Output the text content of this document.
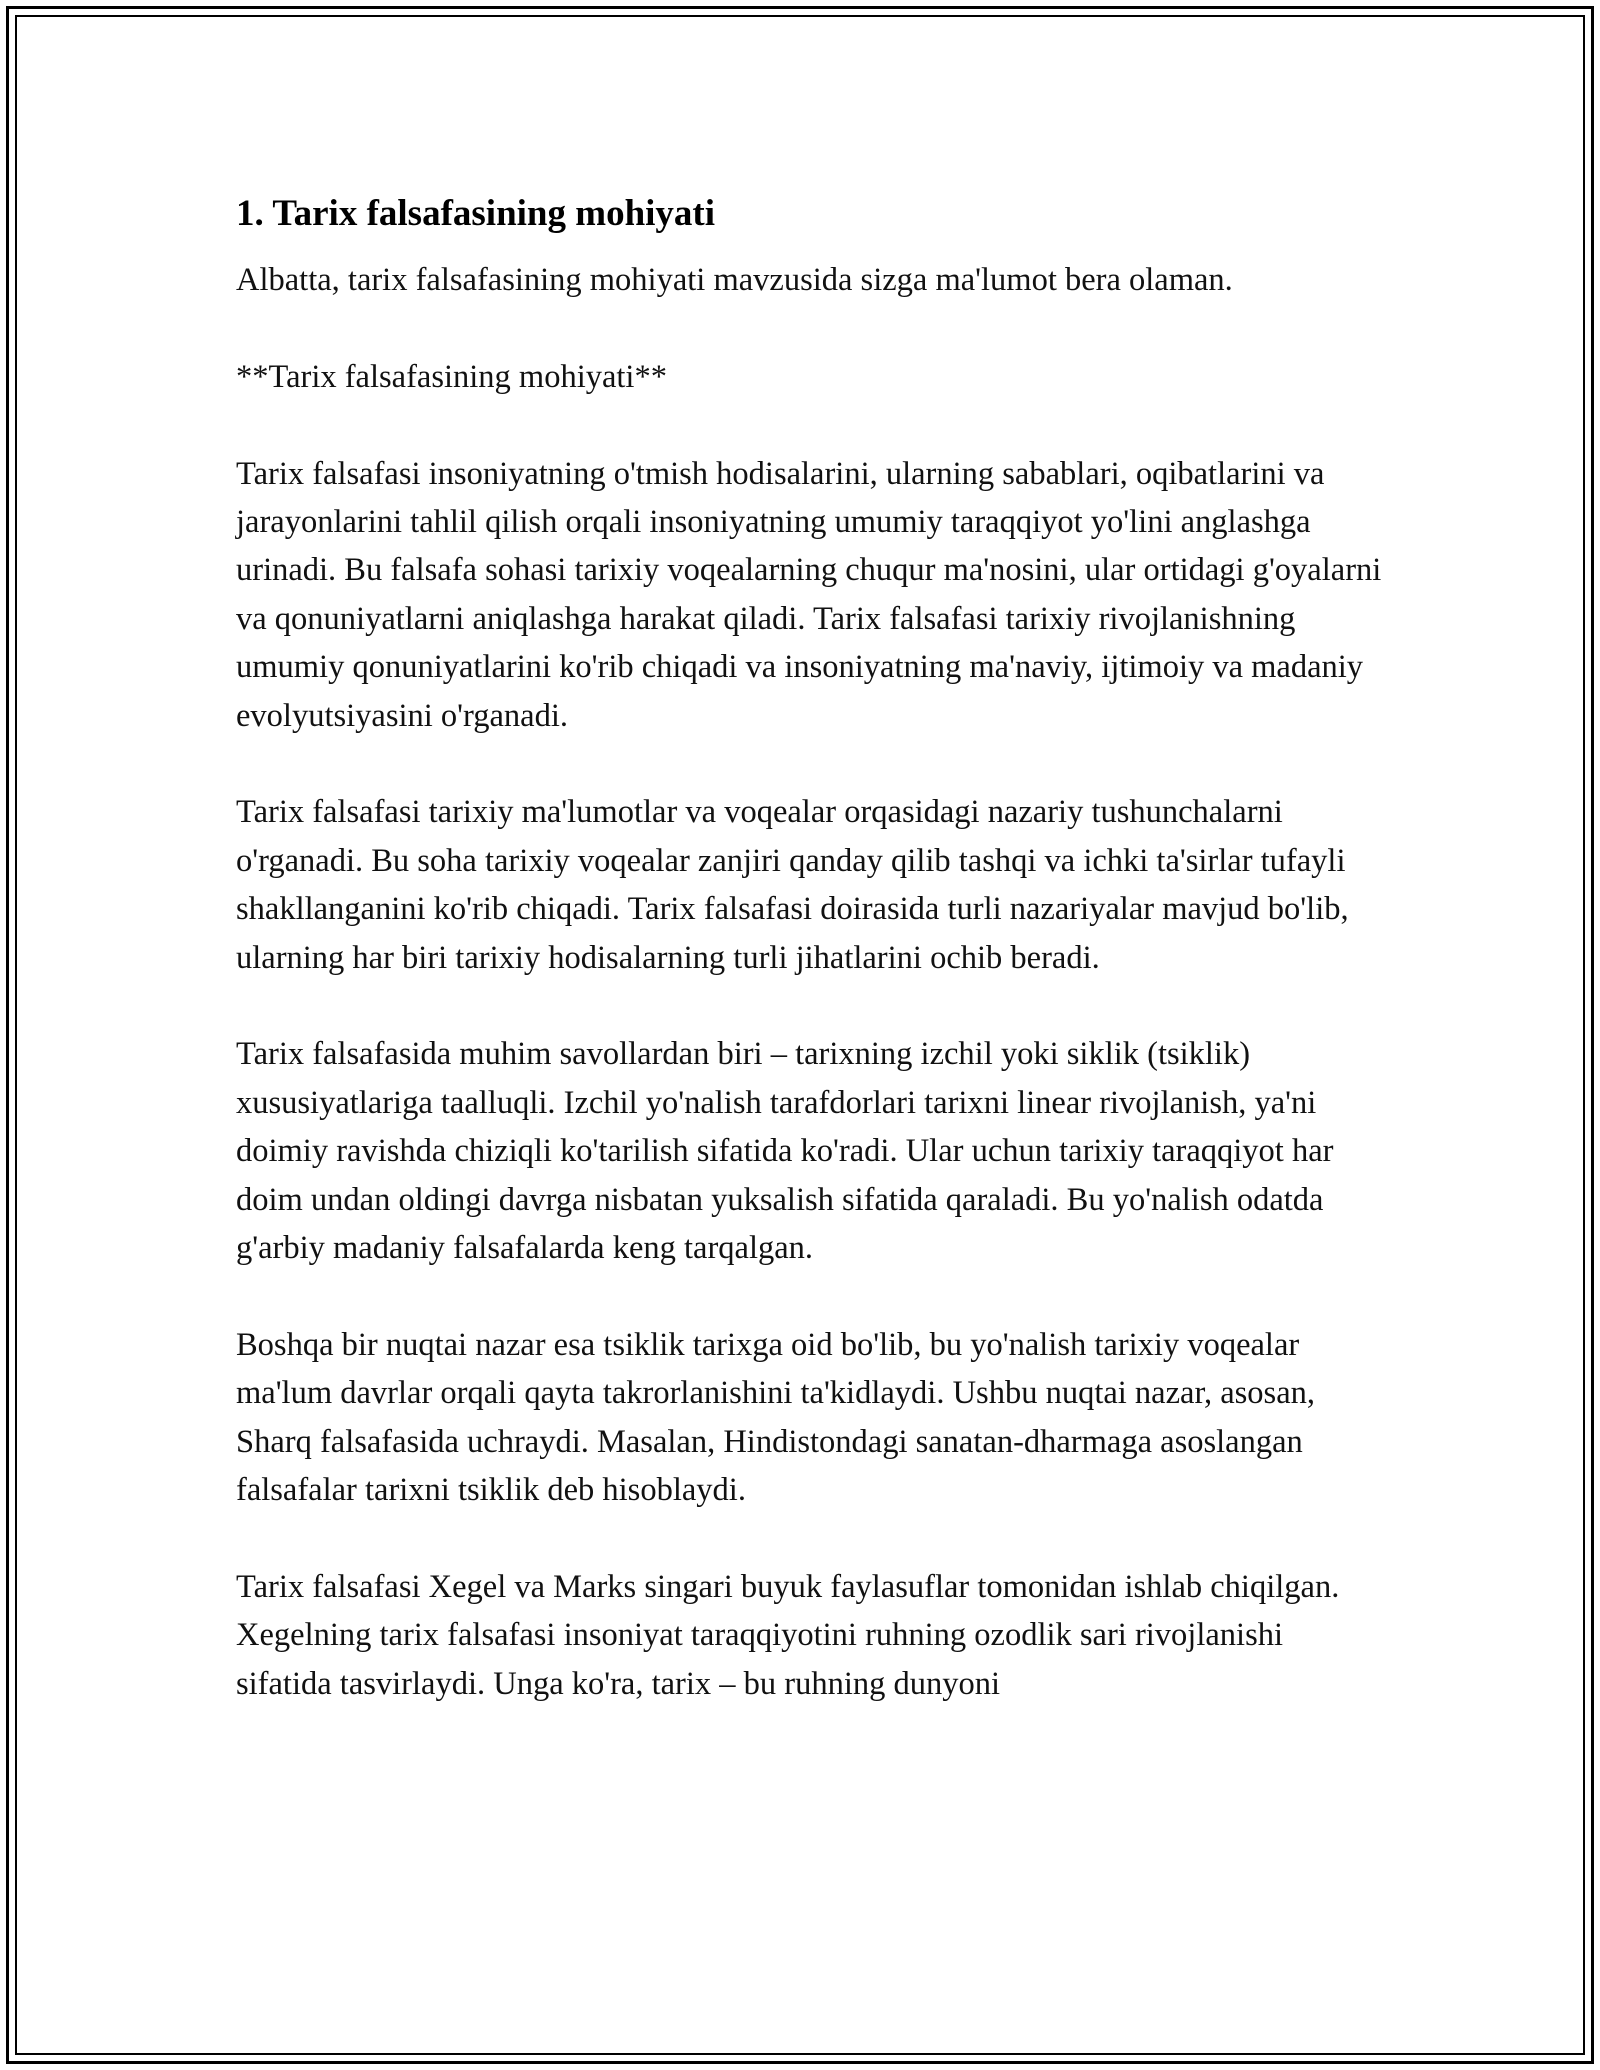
1. Tarix falsafasining mohiyati

Albatta, tarix falsafasining mohiyati mavzusida sizga ma'lumot bera olaman.

**Tarix falsafasining mohiyati**

Tarix falsafasi insoniyatning o'tmish hodisalarini, ularning sabablari, oqibatlarini va jarayonlarini tahlil qilish orqali insoniyatning umumiy taraqqiyot yo'lini anglashga urinadi. Bu falsafa sohasi tarixiy voqealarning chuqur ma'nosini, ular ortidagi g'oyalarni va qonuniyatlarni aniqlashga harakat qiladi. Tarix falsafasi tarixiy rivojlanishning umumiy qonuniyatlarini ko'rib chiqadi va insoniyatning ma'naviy, ijtimoiy va madaniy evolyutsiyasini o'rganadi.

Tarix falsafasi tarixiy ma'lumotlar va voqealar orqasidagi nazariy tushunchalarni o'rganadi. Bu soha tarixiy voqealar zanjiri qanday qilib tashqi va ichki ta'sirlar tufayli shakllanganini ko'rib chiqadi. Tarix falsafasi doirasida turli nazariyalar mavjud bo'lib, ularning har biri tarixiy hodisalarning turli jihatlarini ochib beradi.

Tarix falsafasida muhim savollardan biri – tarixning izchil yoki siklik (tsiklik) xususiyatlariga taalluqli. Izchil yo'nalish tarafdorlari tarixni linear rivojlanish, ya'ni doimiy ravishda chiziqli ko'tarilish sifatida ko'radi. Ular uchun tarixiy taraqqiyot har doim undan oldingi davrga nisbatan yuksalish sifatida qaraladi. Bu yo'nalish odatda g'arbiy madaniy falsafalarda keng tarqalgan.

Boshqa bir nuqtai nazar esa tsiklik tarixga oid bo'lib, bu yo'nalish tarixiy voqealar ma'lum davrlar orqali qayta takrorlanishini ta'kidlaydi. Ushbu nuqtai nazar, asosan, Sharq falsafasida uchraydi. Masalan, Hindistondagi sanatan-dharmaga asoslangan falsafalar tarixni tsiklik deb hisoblaydi.

Tarix falsafasi Xegel va Marks singari buyuk faylasuflar tomonidan ishlab chiqilgan. Xegelning tarix falsafasi insoniyat taraqqiyotini ruhning ozodlik sari rivojlanishi sifatida tasvirlaydi. Unga ko'ra, tarix – bu ruhning dunyoni
